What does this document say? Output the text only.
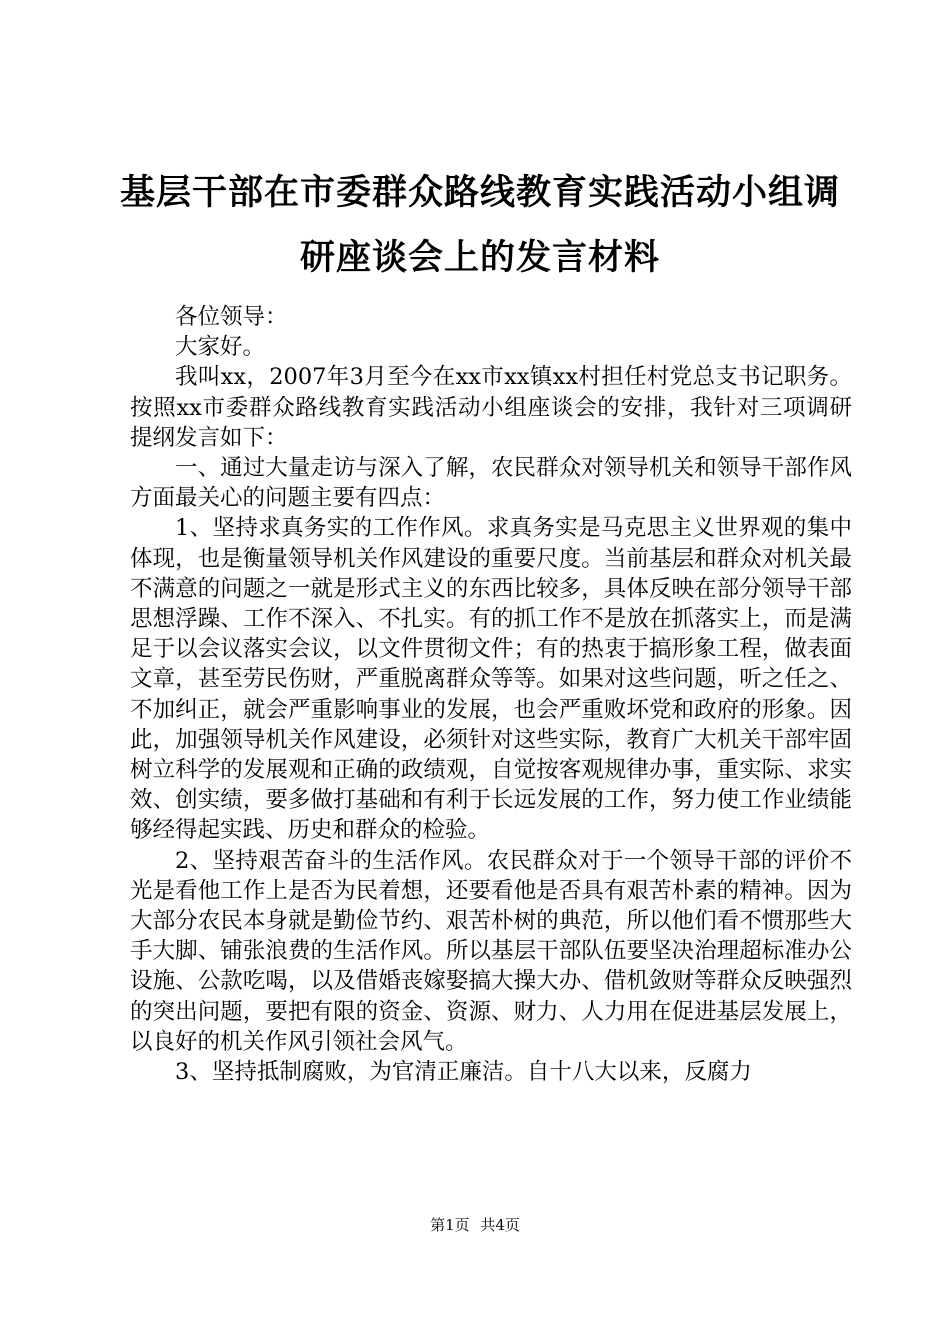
基层干部在市委群众路线教育实践活动小组调研座谈会上的发言材料

各位领导：

大家好。

我叫xx，2007年3月至今在xx市xx镇xx村担任村党总支书记职务。按照xx市委群众路线教育实践活动小组座谈会的安排，我针对三项调研提纲发言如下：

一、通过大量走访与深入了解，农民群众对领导机关和领导干部作风方面最关心的问题主要有四点：

1、坚持求真务实的工作作风。求真务实是马克思主义世界观的集中体现，也是衡量领导机关作风建设的重要尺度。当前基层和群众对机关最不满意的问题之一就是形式主义的东西比较多，具体反映在部分领导干部思想浮躁、工作不深入、不扎实。有的抓工作不是放在抓落实上，而是满足于以会议落实会议，以文件贯彻文件；有的热衷于搞形象工程，做表面文章，甚至劳民伤财，严重脱离群众等等。如果对这些问题，听之任之、不加纠正，就会严重影响事业的发展，也会严重败坏党和政府的形象。因此，加强领导机关作风建设，必须针对这些实际，教育广大机关干部牢固树立科学的发展观和正确的政绩观，自觉按客观规律办事，重实际、求实效、创实绩，要多做打基础和有利于长远发展的工作，努力使工作业绩能够经得起实践、历史和群众的检验。

2、坚持艰苦奋斗的生活作风。农民群众对于一个领导干部的评价不光是看他工作上是否为民着想，还要看他是否具有艰苦朴素的精神。因为大部分农民本身就是勤俭节约、艰苦朴树的典范，所以他们看不惯那些大手大脚、铺张浪费的生活作风。所以基层干部队伍要坚决治理超标准办公设施、公款吃喝，以及借婚丧嫁娶搞大操大办、借机敛财等群众反映强烈的突出问题，要把有限的资金、资源、财力、人力用在促进基层发展上，以良好的机关作风引领社会风气。

3、坚持抵制腐败，为官清正廉洁。自十八大以来，反腐力

第1页 共4页
